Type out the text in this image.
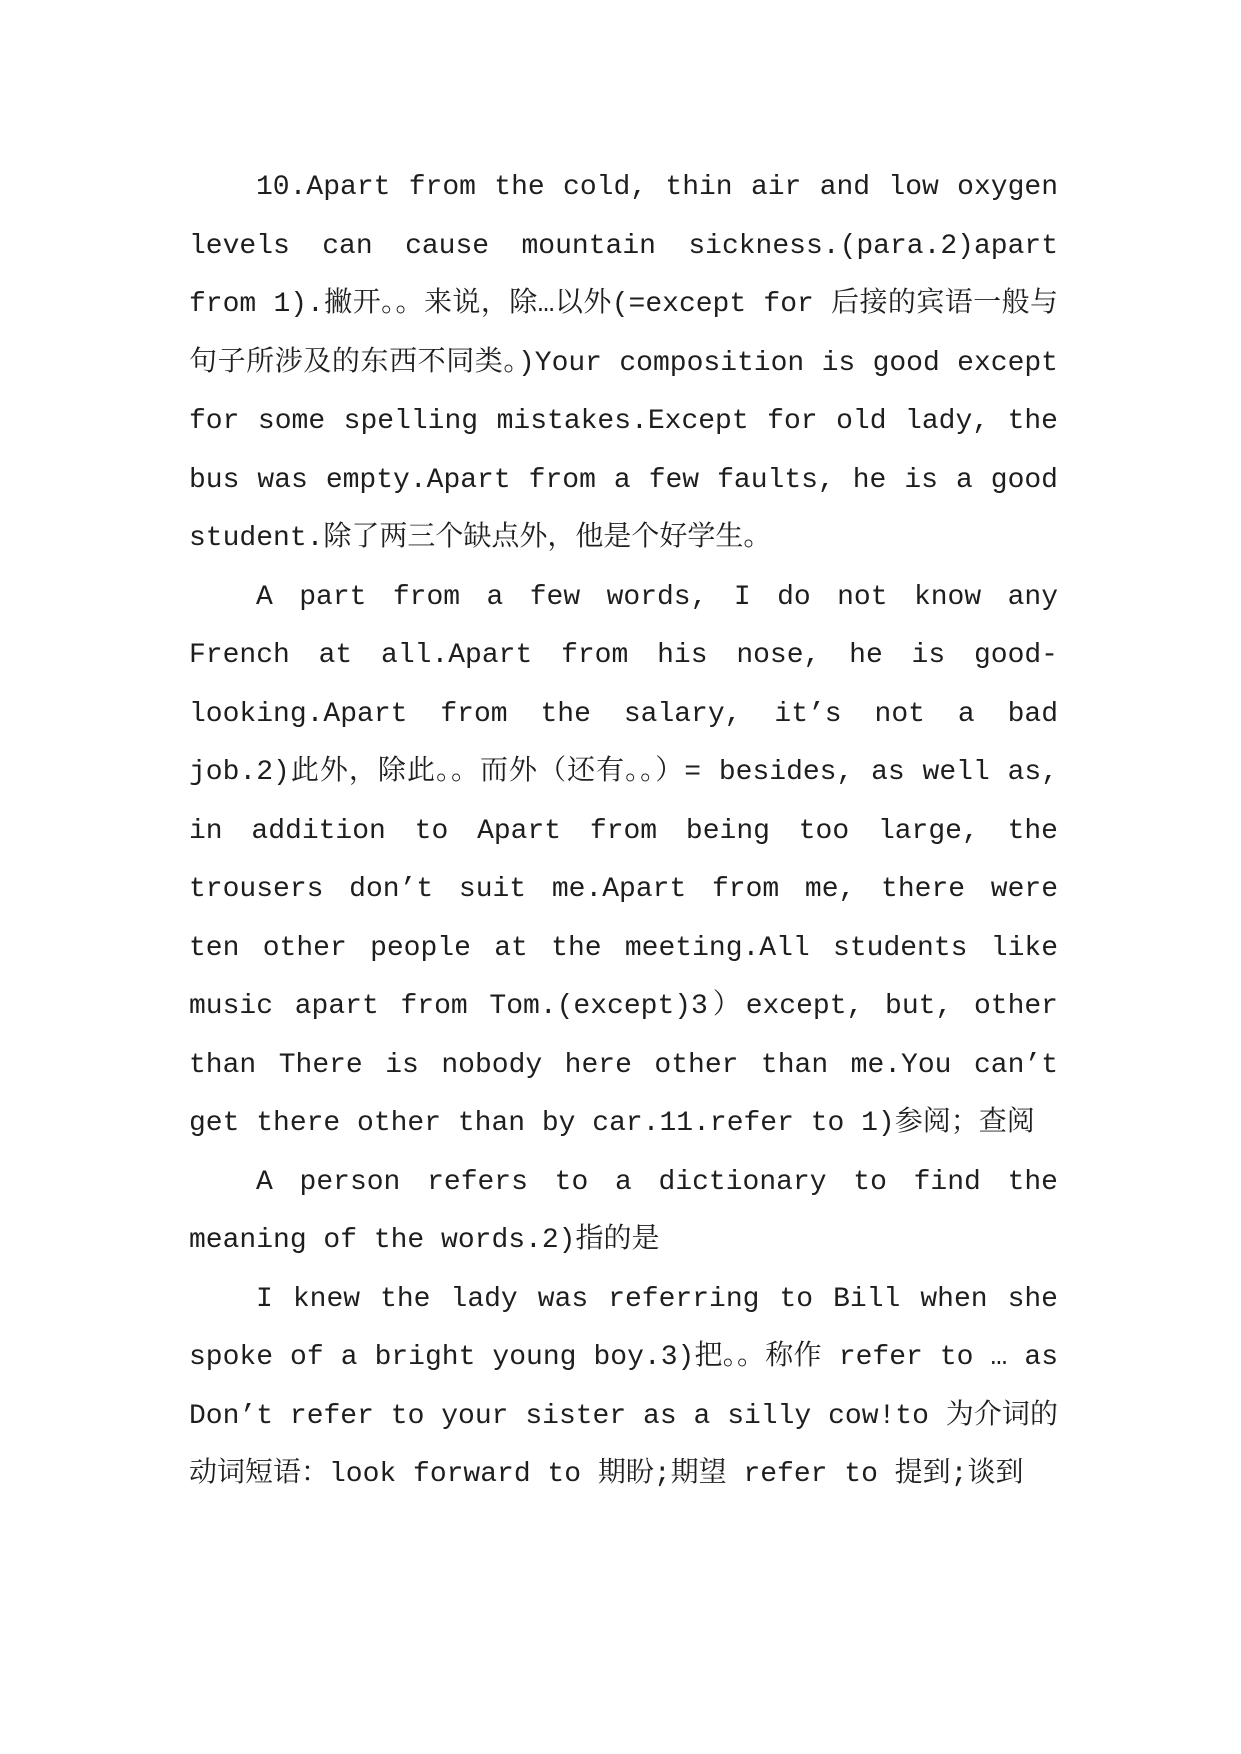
10.Apart from the cold, thin air and low oxygen levels can cause mountain sickness.(para.2)apart from 1).撇开。。来说，除…以外(=except for 后接的宾语一般与句子所涉及的东西不同类。)Your composition is good except for some spelling mistakes.Except for old lady, the bus was empty.Apart from a few faults, he is a good student.除了两三个缺点外，他是个好学生。

A part from a few words, I do not know any French at all.Apart from his nose, he is good-looking.Apart from the salary, it’s not a bad job.2)此外，除此。。而外（还有。。）= besides, as well as, in addition to Apart from being too large, the trousers don’t suit me.Apart from me, there were ten other people at the meeting.All students like music apart from Tom.(except)3）except, but, other than There is nobody here other than me.You can’t get there other than by car.11.refer to 1)参阅；查阅

A person refers to a dictionary to find the meaning of the words.2)指的是

I knew the lady was referring to Bill when she spoke of a bright young boy.3)把。。称作 refer to … as Don’t refer to your sister as a silly cow!to 为介词的动词短语：look forward to 期盼;期望 refer to 提到;谈到
